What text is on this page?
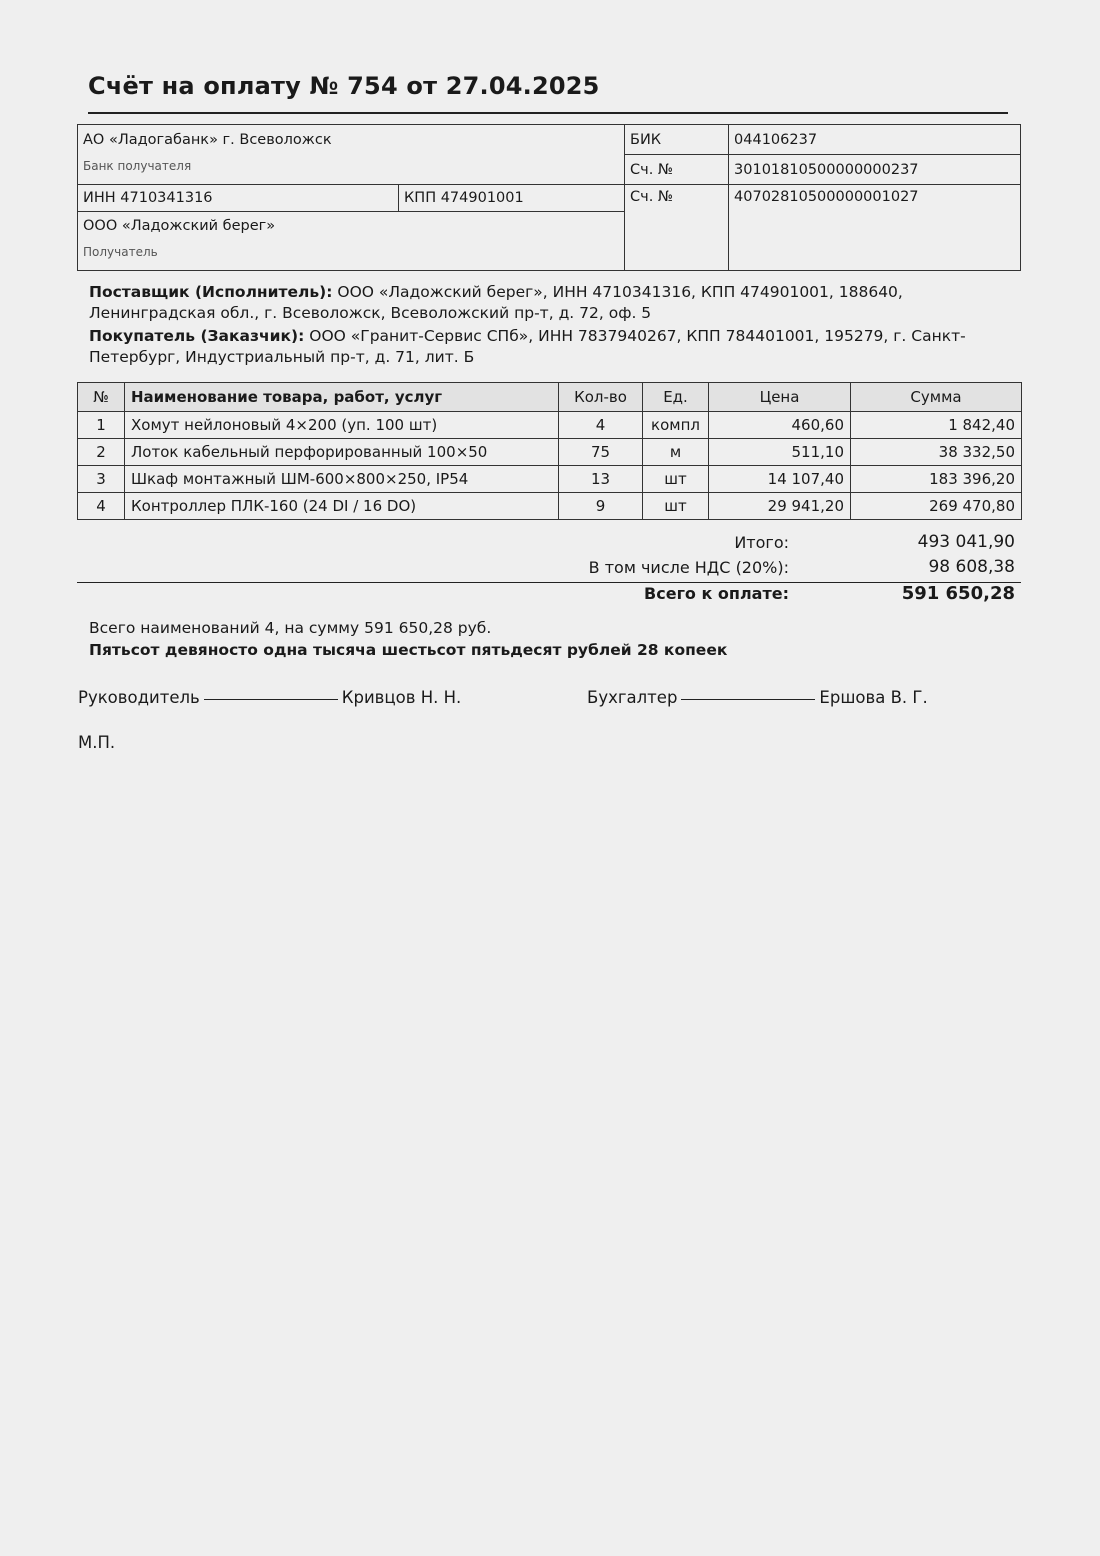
Счёт на оплату № 754 от 27.04.2025
АО «Ладогабанк» г. Всеволожск		БИК	044106237
Банк получателя		Сч. №	30101810500000000237
ИНН 4710341316	КПП 474901001	Сч. №	40702810500000001027
ООО «Ладожский берег»			
Получатель			

Поставщик (Исполнитель): ООО «Ладожский берег», ИНН 4710341316, КПП 474901001, 188640, Ленинградская обл., г. Всеволожск, Всеволожский пр-т, д. 72, оф. 5

Покупатель (Заказчик): ООО «Гранит-Сервис СПб», ИНН 7837940267, КПП 784401001, 195279, г. Санкт-Петербург, Индустриальный пр-т, д. 71, лит. Б

№	Наименование товара, работ, услуг	Кол-во	Ед.	Цена	Сумма
1	Хомут нейлоновый 4×200 (уп. 100 шт)	4	компл	460,60	1 842,40
2	Лоток кабельный перфорированный 100×50	75	м	511,10	38 332,50
3	Шкаф монтажный ШМ-600×800×250, IP54	13	шт	14 107,40	183 396,20
4	Контроллер ПЛК-160 (24 DI / 16 DO)	9	шт	29 941,20	269 470,80
Итого:	493 041,90
В том числе НДС (20%):	98 608,38
Всего к оплате:	591 650,28
Всего наименований 4, на сумму 591 650,28 руб.
Пятьсот девяносто одна тысяча шестьсот пятьдесят рублей 28 копеек
Руководитель	Кривцов Н. Н.	Бухгалтер	Ершова В. Г.
М.П.
